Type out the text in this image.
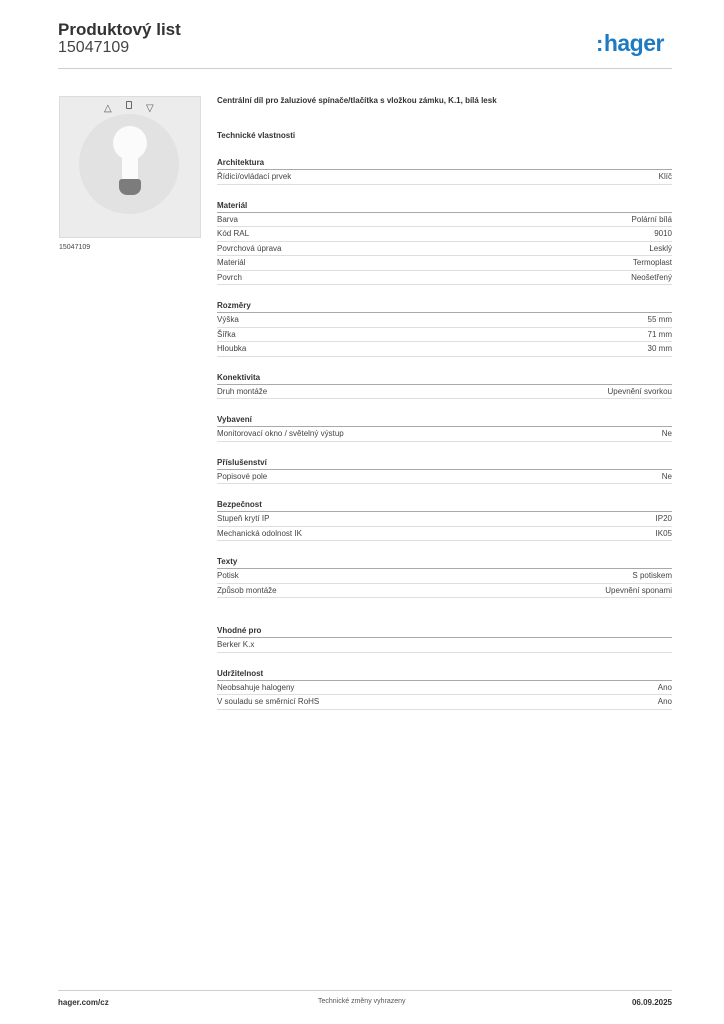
Produktový list
15047109	:hager
△	▽
15047109
Centrální díl pro žaluziové spínače/tlačítka s vložkou zámku, K.1, bílá lesk
Technické vlastnosti
Architektura
Řídicí/ovládací prvek	Klíč
Materiál
Barva	Polární bílá
Kód RAL	9010
Povrchová úprava	Lesklý
Materiál	Termoplast
Povrch	Neošetřený
Rozměry
Výška	55 mm
Šířka	71 mm
Hloubka	30 mm
Konektivita
Druh montáže	Upevnění svorkou
Vybavení
Monitorovací okno / světelný výstup	Ne
Příslušenství
Popisové pole	Ne
Bezpečnost
Stupeň krytí IP	IP20
Mechanická odolnost IK	IK05
Texty
Potisk	S potiskem
Způsob montáže	Upevnění sponami
Vhodné pro
Berker K.x
Udržitelnost
Neobsahuje halogeny	Ano
V souladu se směrnicí RoHS	Ano
hager.com/cz	Technické změny vyhrazeny	06.09.2025
